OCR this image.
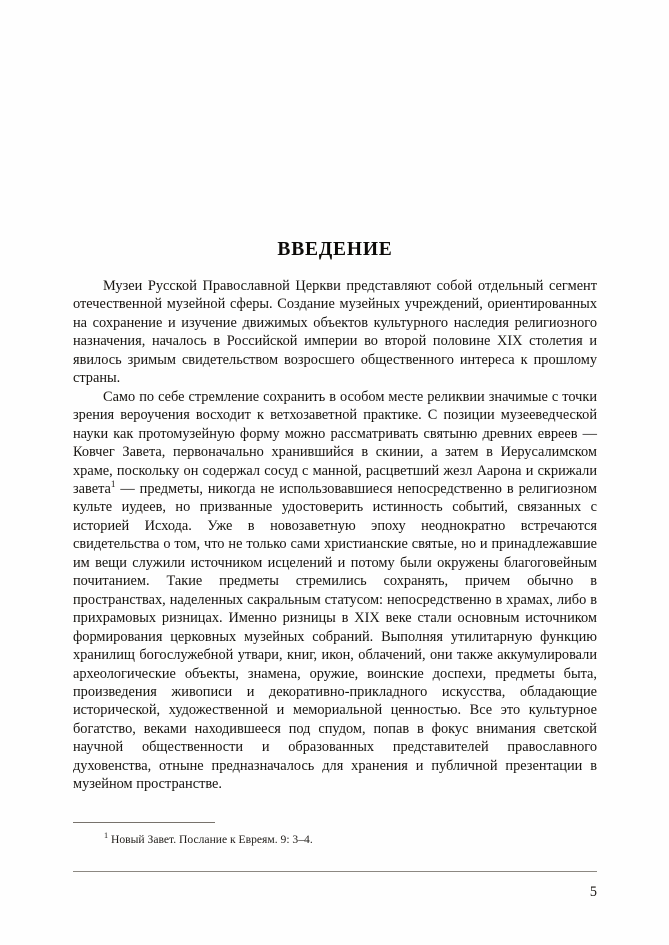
ВВЕДЕНИЕ

Музеи Русской Православной Церкви представляют собой отдельный сегмент отечественной музейной сферы. Создание музейных учреждений, ориентированных на сохранение и изучение движимых объектов культурного наследия религиозного назначения, началось в Российской империи во второй половине XIX столетия и явилось зримым свидетельством возросшего общественного интереса к прошлому страны.

Само по себе стремление сохранить в особом месте реликвии значимые с точки зрения вероучения восходит к ветхозаветной практике. С позиции музееведческой науки как протомузейную форму можно рассматривать святыню древних евреев — Ковчег Завета, первоначально хранившийся в скинии, а затем в Иерусалимском храме, поскольку он содержал сосуд с манной, расцветший жезл Аарона и скрижали завета$^1$ — предметы, никогда не использовавшиеся непосредственно в религиозном культе иудеев, но призванные удостоверить истинность событий, связанных с историей Исхода. Уже в новозаветную эпоху неоднократно встречаются свидетельства о том, что не только сами христианские святые, но и принадлежавшие им вещи служили источником исцелений и потому были окружены благоговейным почитанием. Такие предметы стремились сохранять, причем обычно в пространствах, наделенных сакральным статусом: непосредственно в храмах, либо в прихрамовых ризницах. Именно ризницы в XIX веке стали основным источником формирования церковных музейных собраний. Выполняя утилитарную функцию хранилищ богослужебной утвари, книг, икон, облачений, они также аккумулировали археологические объекты, знамена, оружие, воинские доспехи, предметы быта, произведения живописи и декоративно-прикладного искусства, обладающие исторической, художественной и мемориальной ценностью. Все это культурное богатство, веками находившееся под спудом, попав в фокус внимания светской научной общественности и образованных представителей православного духовенства, отныне предназначалось для хранения и публичной презентации в музейном пространстве.

$^1$ Новый Завет. Послание к Евреям. 9: 3–4.
5
